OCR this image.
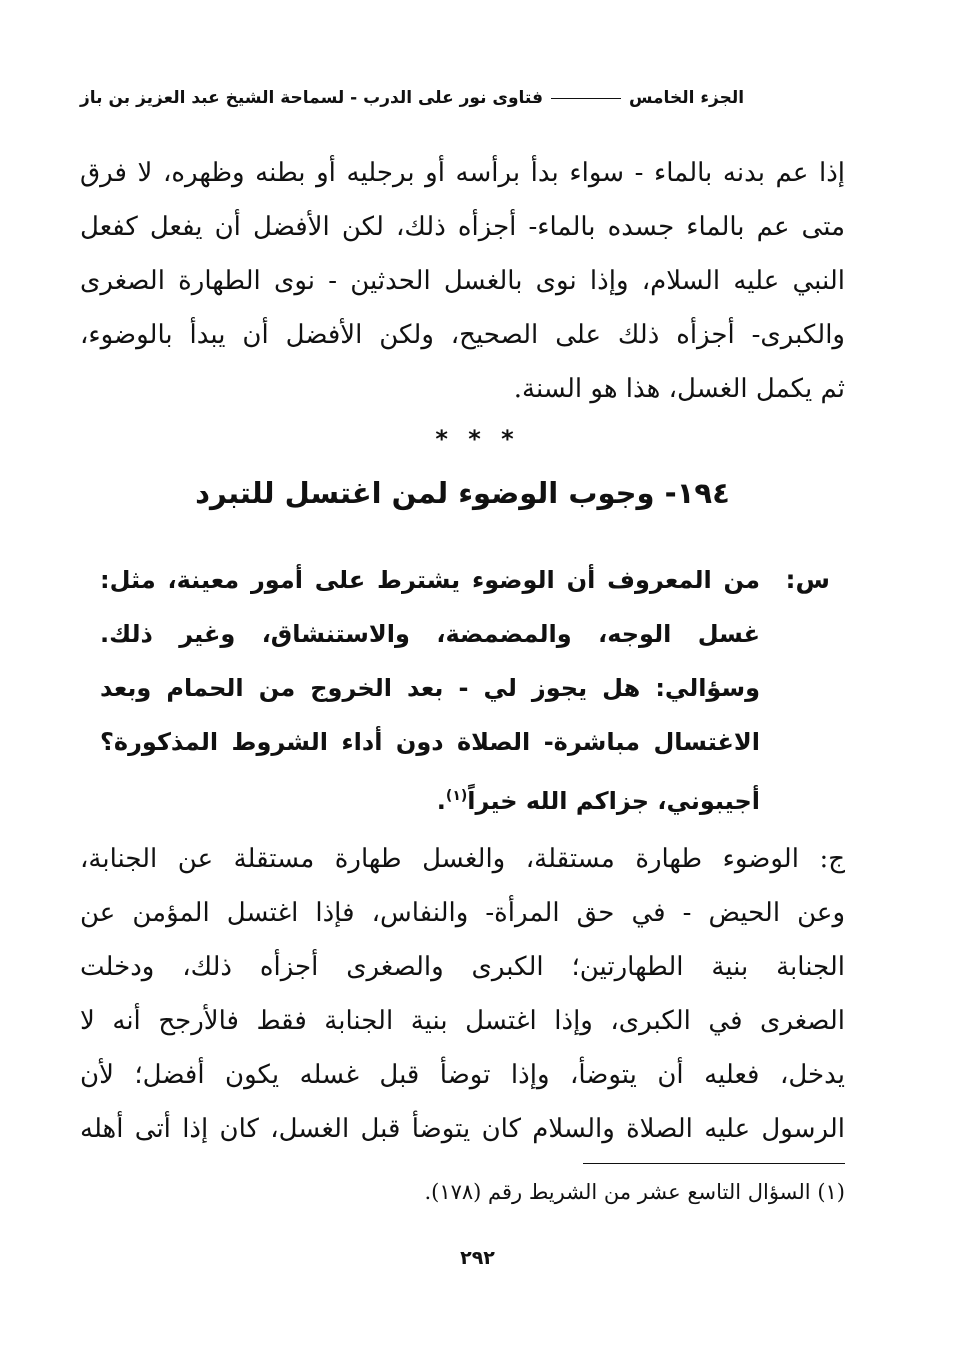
فتاوى نور على الدرب - لسماحة الشيخ عبد العزيز بن باز	الجزء الخامس
إذا عم بدنه بالماء - سواء بدأ برأسه أو برجليه أو بطنه وظهره، لا فرق
متى عم بالماء جسده بالماء- أجزأه ذلك، لكن الأفضل أن يفعل كفعل
النبي عليه السلام، وإذا نوى بالغسل الحدثين - نوى الطهارة الصغرى
والكبرى- أجزأه ذلك على الصحيح، ولكن الأفضل أن يبدأ بالوضوء،
ثم يكمل الغسل، هذا هو السنة.
* * *
١٩٤- وجوب الوضوء لمن اغتسل للتبرد
س:
من المعروف أن الوضوء يشترط على أمور معينة، مثل:
غسل الوجه، والمضمضة، والاستنشاق، وغير ذلك.
وسؤالي: هل يجوز لي - بعد الخروج من الحمام وبعد
الاغتسال مباشرة- الصلاة دون أداء الشروط المذكورة؟
أجيبوني، جزاكم الله خيراً$^{(١)}$.
ج: الوضوء طهارة مستقلة، والغسل طهارة مستقلة عن الجنابة،
وعن الحيض - في حق المرأة- والنفاس، فإذا اغتسل المؤمن عن
الجنابة بنية الطهارتين؛ الكبرى والصغرى أجزأه ذلك، ودخلت
الصغرى في الكبرى، وإذا اغتسل بنية الجنابة فقط فالأرجح أنه لا
يدخل، فعليه أن يتوضأ، وإذا توضأ قبل غسله يكون أفضل؛ لأن
الرسول عليه الصلاة والسلام كان يتوضأ قبل الغسل، كان إذا أتى أهله
(١) السؤال التاسع عشر من الشريط رقم (١٧٨).
٢٩٢
